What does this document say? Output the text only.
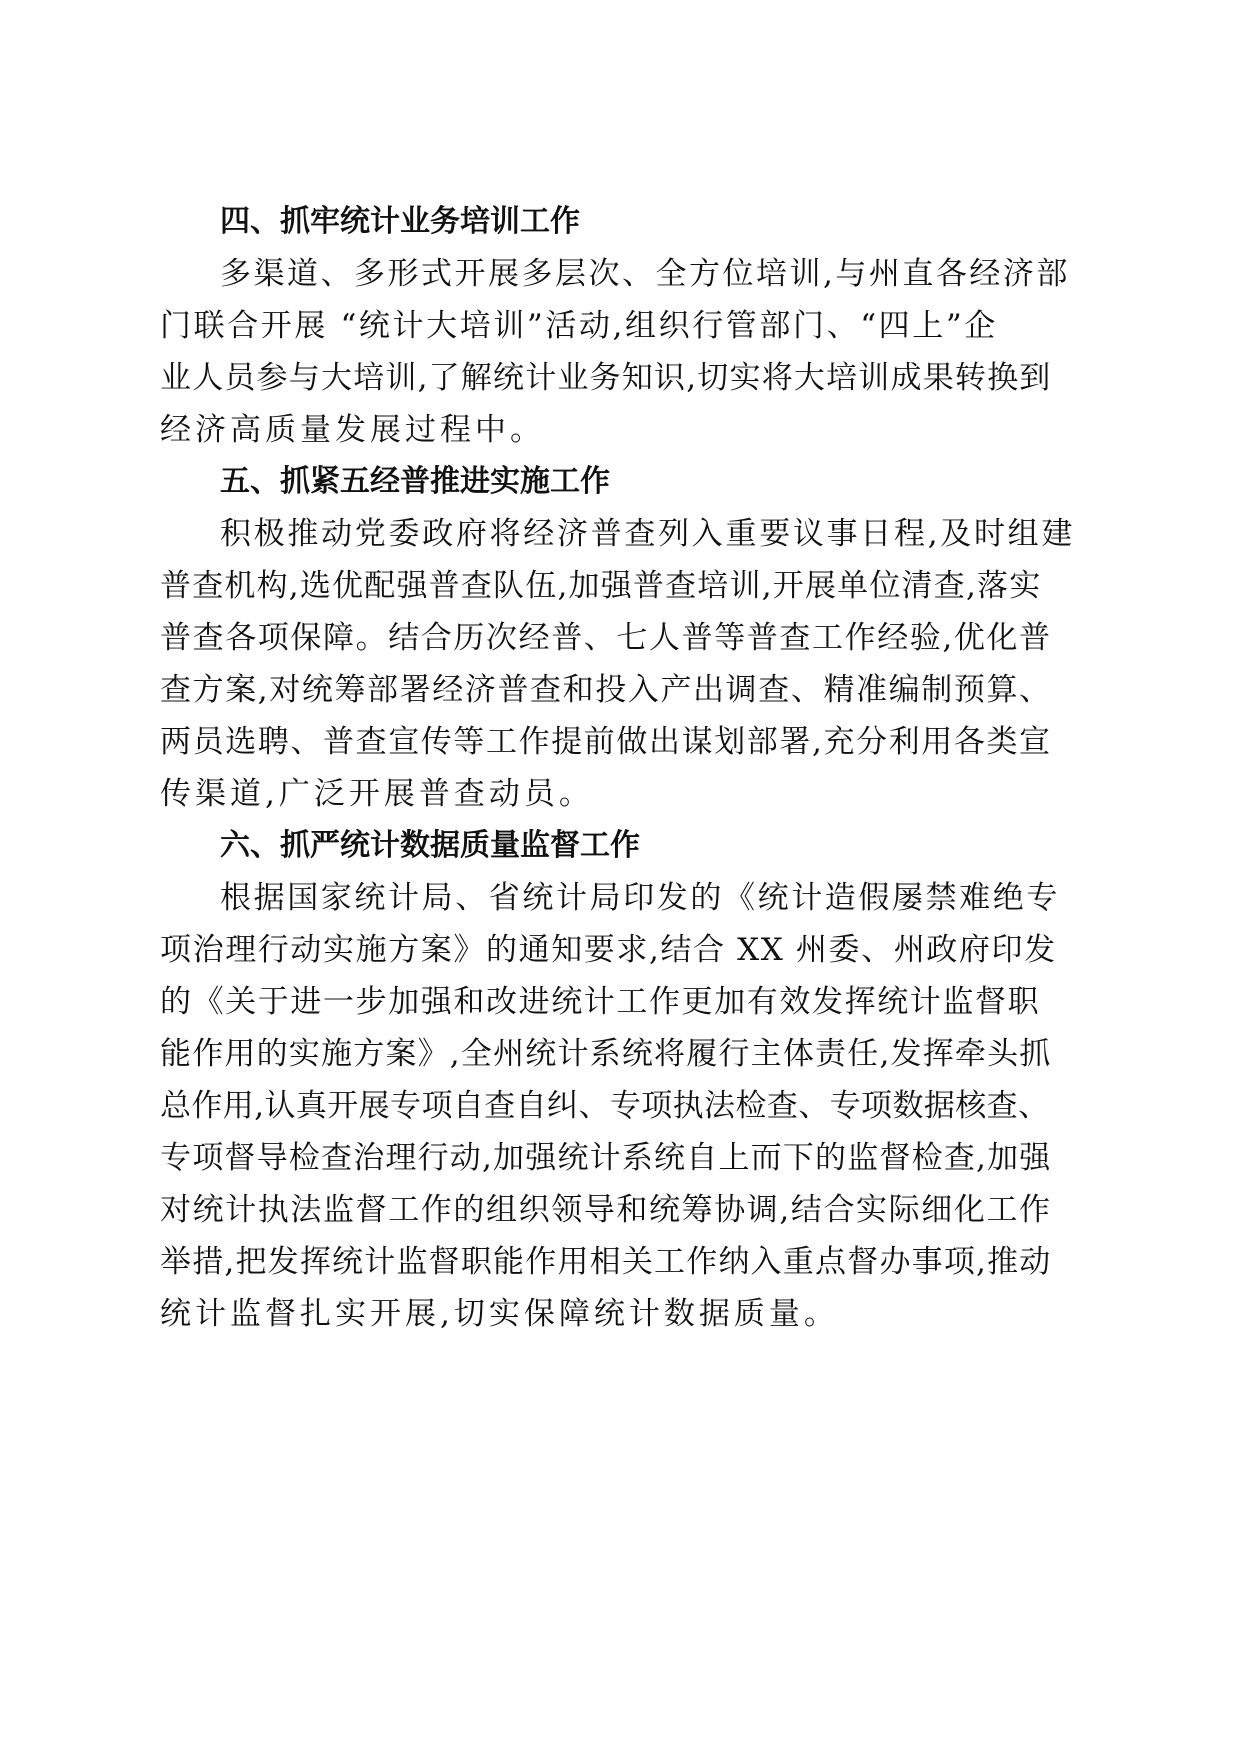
四、抓牢统计业务培训工作
多渠道、多形式开展多层次、全方位培训,与州直各经济部
门联合开展 “统计大培训”活动,组织行管部门、“四上”企
业人员参与大培训,了解统计业务知识,切实将大培训成果转换到
经济高质量发展过程中。
五、抓紧五经普推进实施工作
积极推动党委政府将经济普查列入重要议事日程,及时组建
普查机构,选优配强普查队伍,加强普查培训,开展单位清查,落实
普查各项保障。结合历次经普、七人普等普查工作经验,优化普
查方案,对统筹部署经济普查和投入产出调查、精准编制预算、
两员选聘、普查宣传等工作提前做出谋划部署,充分利用各类宣
传渠道,广泛开展普查动员。
六、抓严统计数据质量监督工作
根据国家统计局、省统计局印发的《统计造假屡禁难绝专
项治理行动实施方案》的通知要求,结合 XX 州委、州政府印发
的《关于进一步加强和改进统计工作更加有效发挥统计监督职
能作用的实施方案》,全州统计系统将履行主体责任,发挥牵头抓
总作用,认真开展专项自查自纠、专项执法检查、专项数据核查、
专项督导检查治理行动,加强统计系统自上而下的监督检查,加强
对统计执法监督工作的组织领导和统筹协调,结合实际细化工作
举措,把发挥统计监督职能作用相关工作纳入重点督办事项,推动
统计监督扎实开展,切实保障统计数据质量。
